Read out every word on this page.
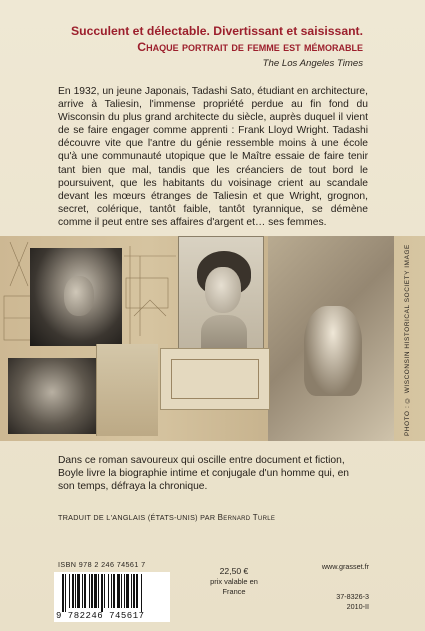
Succulent et délectable. Divertissant et saisissant.
Chaque portrait de femme est mémorable
The Los Angeles Times

En 1932, un jeune Japonais, Tadashi Sato, étudiant en architecture, arrive à Taliesin, l'immense propriété perdue au fin fond du Wisconsin du plus grand architecte du siècle, auprès duquel il vient de se faire engager comme apprenti : Frank Lloyd Wright. Tadashi découvre vite que l'antre du génie ressemble moins à une école qu'à une communauté utopique que le Maître essaie de faire tenir tant bien que mal, tandis que les créanciers de tout bord le poursuivent, que les habitants du voisinage crient au scandale devant les mœurs étranges de Taliesin et que Wright, grognon, secret, colérique, tantôt faible, tantôt tyrannique, se démène comme il peut entre ses affaires d'argent et… ses femmes.

PHOTO : © WISCONSIN HISTORICAL SOCIETY IMAGE

Dans ce roman savoureux qui oscille entre document et fiction, Boyle livre la biographie intime et conjugale d'un homme qui, en son temps, défraya la chronique.

TRADUIT DE L'ANGLAIS (ÉTATS-UNIS) PAR Bernard Turle
ISBN 978 2 246 74561 7
9 782246 745617
22,50 €
prix valable en
France
www.grasset.fr
37-8326-3
2010-II
